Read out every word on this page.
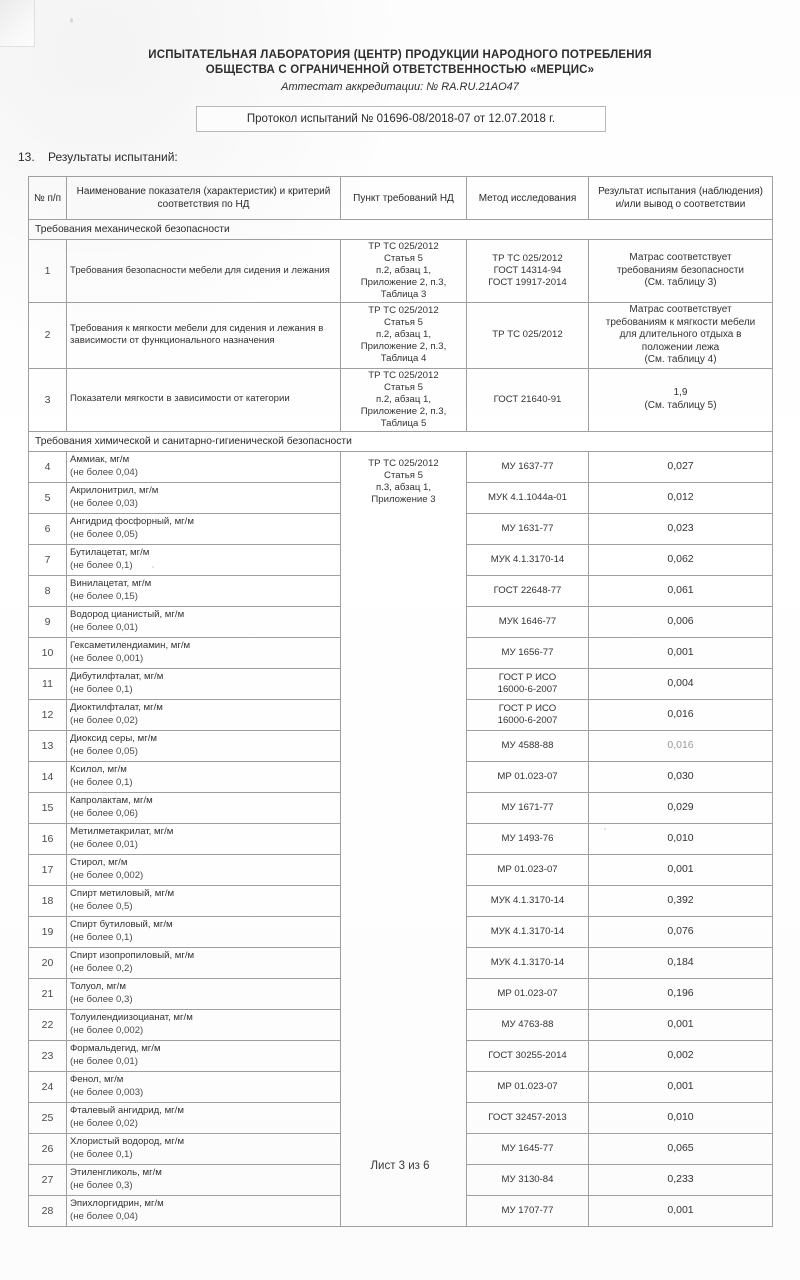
ИСПЫТАТЕЛЬНАЯ ЛАБОРАТОРИЯ (ЦЕНТР) ПРОДУКЦИИ НАРОДНОГО ПОТРЕБЛЕНИЯ
ОБЩЕСТВА С ОГРАНИЧЕННОЙ ОТВЕТСТВЕННОСТЬЮ «МЕРЦИС»
Аттестат аккредитации: № RA.RU.21AO47
Протокол испытаний № 01696-08/2018-07 от 12.07.2018 г.
13. Результаты испытаний:
№ п/п	Наименование показателя (характеристик) и критерий соответствия по НД	Пункт требований НД	Метод исследования	Результат испытания (наблюдения) и/или вывод о соответствии
Требования механической безопасности				
1	Требования безопасности мебели для сидения и лежания	ТР ТС 025/2012
Статья 5
п.2, абзац 1,
Приложение 2, п.3,
Таблица 3	ТР ТС 025/2012
ГОСТ 14314-94
ГОСТ 19917-2014	Матрас соответствует
требованиям безопасности
(См. таблицу 3)
2	Требования к мягкости мебели для сидения и лежания в зависимости от функционального назначения	ТР ТС 025/2012
Статья 5
п.2, абзац 1,
Приложение 2, п.3,
Таблица 4	ТР ТС 025/2012	Матрас соответствует
требованиям к мягкости мебели
для длительного отдыха в
положении лежа
(См. таблицу 4)
3	Показатели мягкости в зависимости от категории	ТР ТС 025/2012
Статья 5
п.2, абзац 1,
Приложение 2, п.3,
Таблица 5	ГОСТ 21640-91	1,9
(См. таблицу 5)
Требования химической и санитарно-гигиенической безопасности				
4	Аммиак, мг/м
(не более 0,04)	ТР ТС 025/2012
Статья 5
п.3, абзац 1,
Приложение 3	МУ 1637-77	0,027
5	Акрилонитрил, мг/м
(не более 0,03)		МУК 4.1.1044а-01	0,012
6	Ангидрид фосфорный, мг/м
(не более 0,05)		МУ 1631-77	0,023
7	Бутилацетат, мг/м
(не более 0,1)		МУК 4.1.3170-14	0,062
8	Винилацетат, мг/м
(не более 0,15)		ГОСТ 22648-77	0,061
9	Водород цианистый, мг/м
(не более 0,01)		МУК 1646-77	0,006
10	Гексаметилендиамин, мг/м
(не более 0,001)		МУ 1656-77	0,001
11	Дибутилфталат, мг/м
(не более 0,1)		ГОСТ Р ИСО
16000-6-2007	0,004
12	Диоктилфталат, мг/м
(не более 0,02)		ГОСТ Р ИСО
16000-6-2007	0,016
13	Диоксид серы, мг/м
(не более 0,05)		МУ 4588-88	0,016
14	Ксилол, мг/м
(не более 0,1)		МР 01.023-07	0,030
15	Капролактам, мг/м
(не более 0,06)		МУ 1671-77	0,029
16	Метилметакрилат, мг/м
(не более 0,01)		МУ 1493-76	0,010
17	Стирол, мг/м
(не более 0,002)		МР 01.023-07	0,001
18	Спирт метиловый, мг/м
(не более 0,5)		МУК 4.1.3170-14	0,392
19	Спирт бутиловый, мг/м
(не более 0,1)		МУК 4.1.3170-14	0,076
20	Спирт изопропиловый, мг/м
(не более 0,2)		МУК 4.1.3170-14	0,184
21	Толуол, мг/м
(не более 0,3)		МР 01.023-07	0,196
22	Толуилендиизоцианат, мг/м
(не более 0,002)		МУ 4763-88	0,001
23	Формальдегид, мг/м
(не более 0,01)		ГОСТ 30255-2014	0,002
24	Фенол, мг/м
(не более 0,003)		МР 01.023-07	0,001
25	Фталевый ангидрид, мг/м
(не более 0,02)		ГОСТ 32457-2013	0,010
26	Хлористый водород, мг/м
(не более 0,1)		МУ 1645-77	0,065
27	Этиленгликоль, мг/м
(не более 0,3)		МУ 3130-84	0,233
28	Эпихлоргидрин, мг/м
(не более 0,04)		МУ 1707-77	0,001
Лист 3 из 6
